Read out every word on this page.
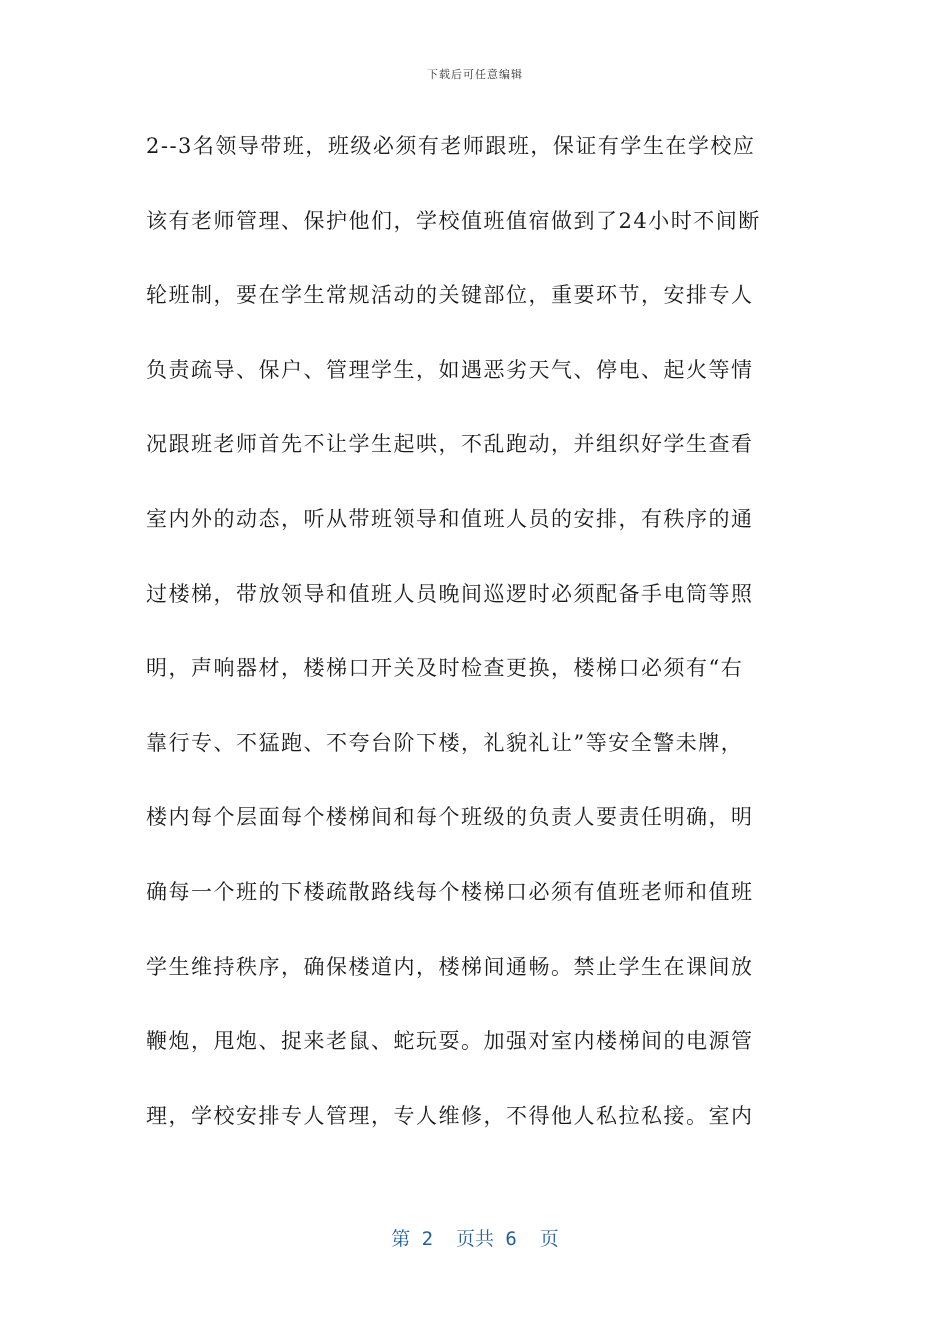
下载后可任意编辑
2--3名领导带班，班级必须有老师跟班，保证有学生在学校应
该有老师管理、保护他们，学校值班值宿做到了24小时不间断
轮班制，要在学生常规活动的关键部位，重要环节，安排专人
负责疏导、保户、管理学生，如遇恶劣天气、停电、起火等情
况跟班老师首先不让学生起哄，不乱跑动，并组织好学生查看
室内外的动态，听从带班领导和值班人员的安排，有秩序的通
过楼梯，带放领导和值班人员晚间巡逻时必须配备手电筒等照
明，声响器材，楼梯口开关及时检查更换，楼梯口必须有“右
靠行专、不猛跑、不夸台阶下楼，礼貌礼让”等安全警未牌，
楼内每个层面每个楼梯间和每个班级的负责人要责任明确，明
确每一个班的下楼疏散路线每个楼梯口必须有值班老师和值班
学生维持秩序，确保楼道内，楼梯间通畅。禁止学生在课间放
鞭炮，甩炮、捉来老鼠、蛇玩耍。加强对室内楼梯间的电源管
理，学校安排专人管理，专人维修，不得他人私拉私接。室内
第 2  页共 6  页
